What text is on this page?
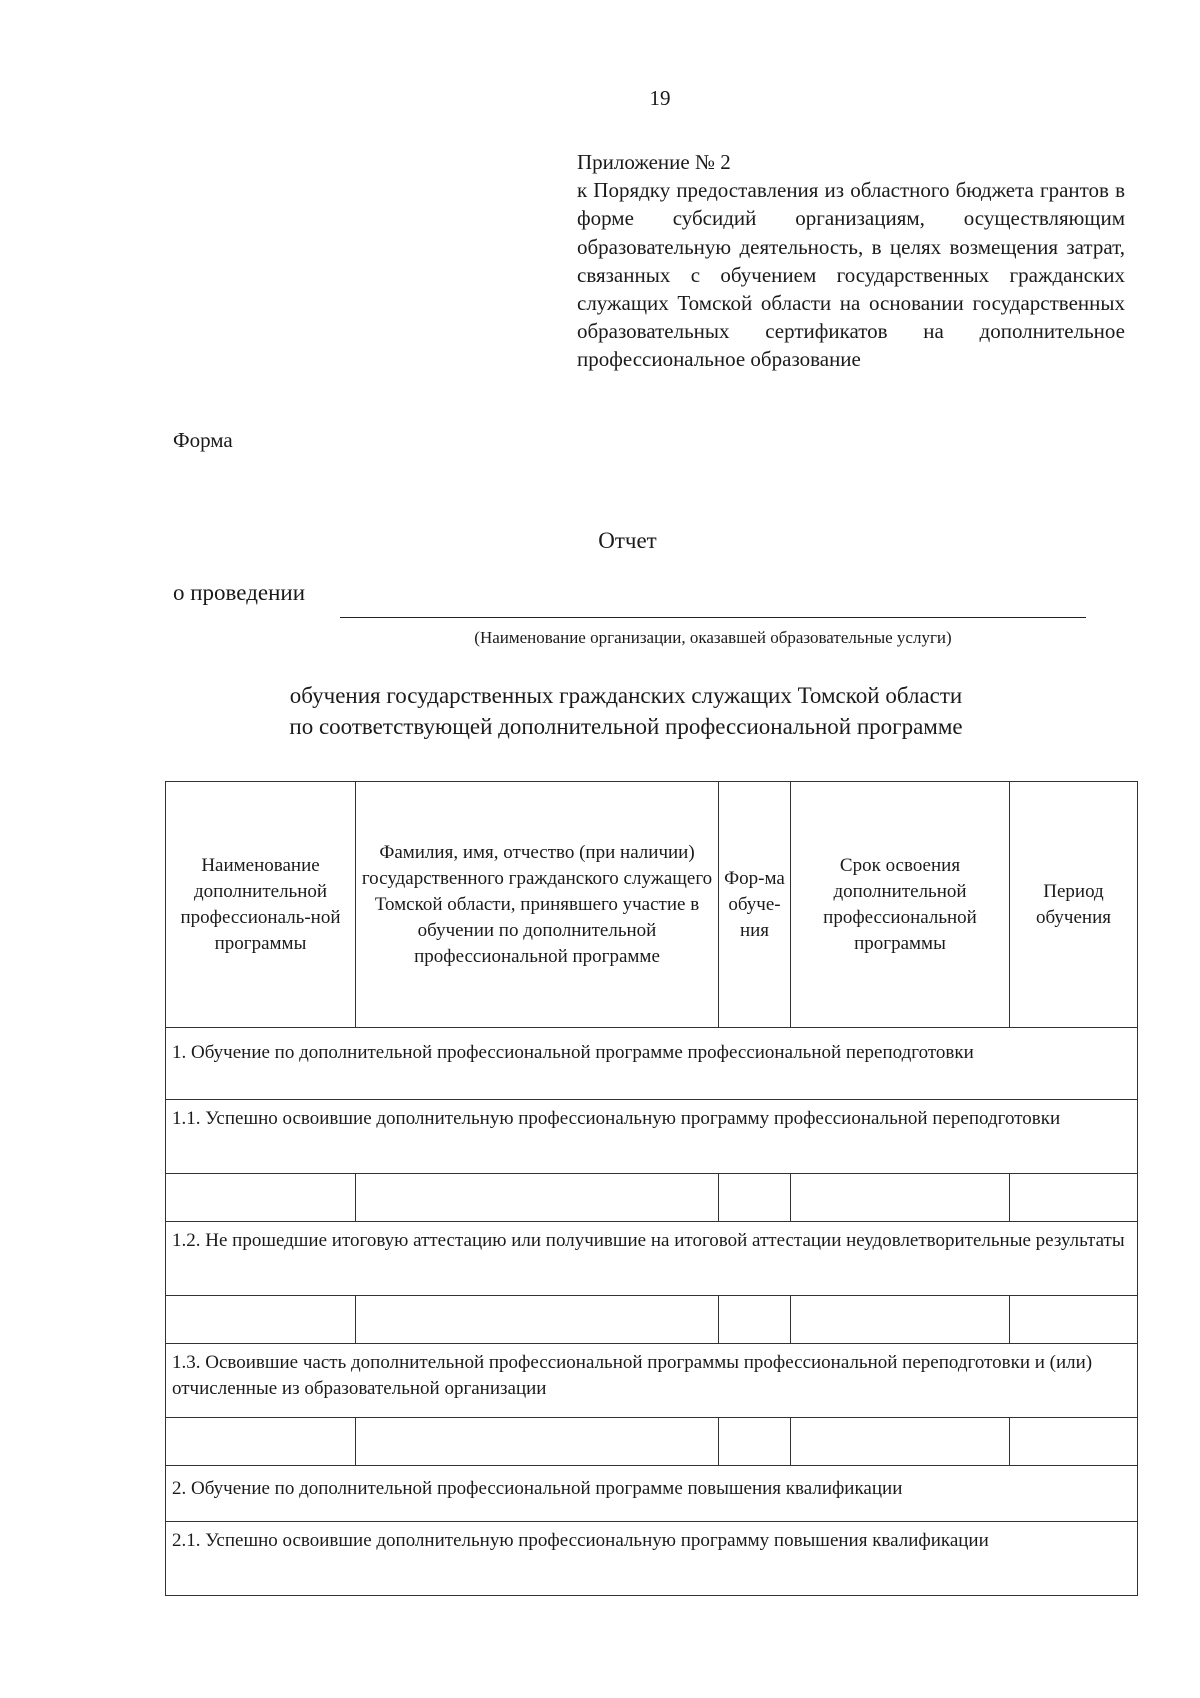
19
Приложение № 2
к Порядку предоставления из областного бюджета грантов в форме субсидий организациям, осуществляющим образовательную деятельность, в целях возмещения затрат, связанных с обучением государственных гражданских служащих Томской области на основании государственных образовательных сертификатов на дополнительное профессиональное образование
Форма
Отчет
о проведении
(Наименование организации, оказавшей образовательные услуги)
обучения государственных гражданских служащих Томской области
по соответствующей дополнительной профессиональной программе
Наименование дополнительной профессиональ-ной программы	Фамилия, имя, отчество (при наличии) государственного гражданского служащего Томской области, принявшего участие в обучении по дополнительной профессиональной программе	Фор-ма обуче-ния	Срок освоения дополнительной профессиональной программы	Период обучения
1. Обучение по дополнительной профессиональной программе профессиональной переподготовки				
1.1. Успешно освоившие дополнительную профессиональную программу профессиональной переподготовки				

1.2. Не прошедшие итоговую аттестацию или получившие на итоговой аттестации неудовлетворительные результаты				

1.3. Освоившие часть дополнительной профессиональной программы профессиональной переподготовки и (или) отчисленные из образовательной организации				

2. Обучение по дополнительной профессиональной программе повышения квалификации				
2.1. Успешно освоившие дополнительную профессиональную программу повышения квалификации				
